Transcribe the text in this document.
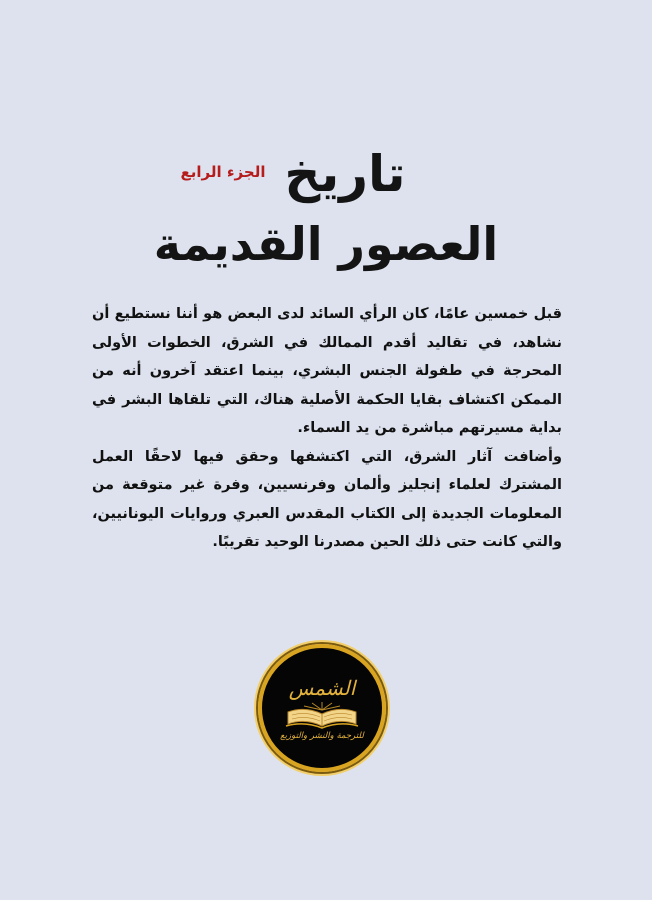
تاريخ
الجزء الرابع
العصور القديمة

قبل خمسين عامًا، كان الرأي السائد لدى البعض هو أننا نستطيع أن نشاهد، في تقاليد أقدم الممالك في الشرق، الخطوات الأولى المحرجة في طفولة الجنس البشري، بينما اعتقد آخرون أنه من الممكن اكتشاف بقايا الحكمة الأصلية هناك، التي تلقاها البشر في بداية مسيرتهم مباشرة من يد السماء.

وأضافت آثار الشرق، التي اكتشفها وحقق فيها لاحقًا العمل المشترك لعلماء إنجليز وألمان وفرنسيين، وفرة غير متوقعة من المعلومات الجديدة إلى الكتاب المقدس العبري وروايات اليونانيين، والتي كانت حتى ذلك الحين مصدرنا الوحيد تقريبًا.

الشمس
للترجمة والنشر والتوزيع
